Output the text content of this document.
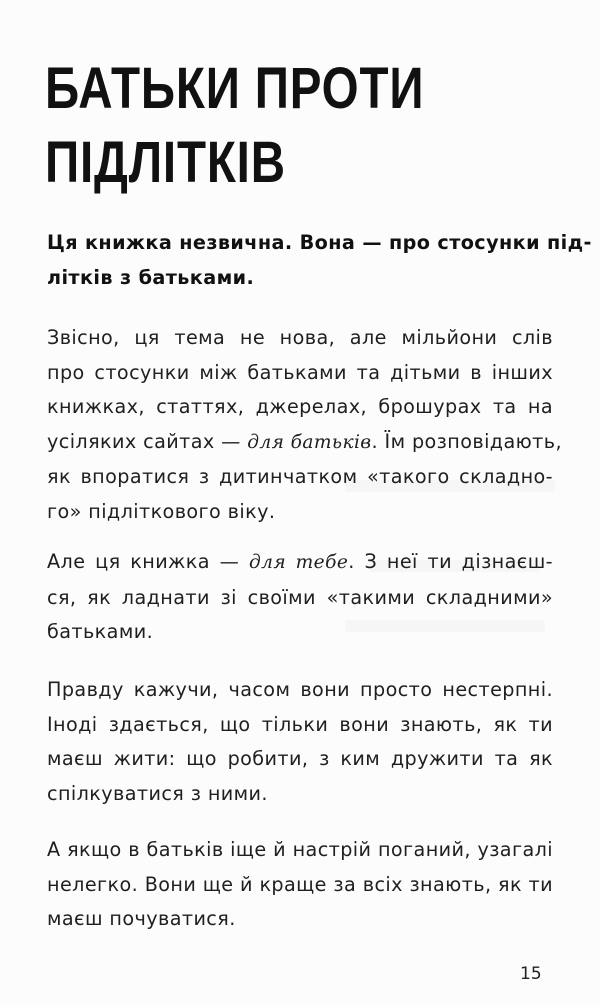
БАТЬКИ ПРОТИ
ПІДЛІТКІВ

Ця книжка незвична. Вона — про стосунки під-
літків з батьками.

Звісно, ця тема не нова, але мільйони слів
про стосунки між батьками та дітьми в інших
книжках, статтях, джерелах, брошурах та на
усіляких сайтах — для батьків. Їм розповідають,
як впоратися з дитинчатком «такого складно-
го» підліткового віку.

Але ця книжка — для тебе. З неї ти дізнаєш-
ся, як ладнати зі своїми «такими складними»
батьками.

Правду кажучи, часом вони просто нестерпні.
Іноді здається, що тільки вони знають, як ти
маєш жити: що робити, з ким дружити та як
спілкуватися з ними.

А якщо в батьків іще й настрій поганий, узагалі
нелегко. Вони ще й краще за всіх знають, як ти
маєш почуватися.

15
